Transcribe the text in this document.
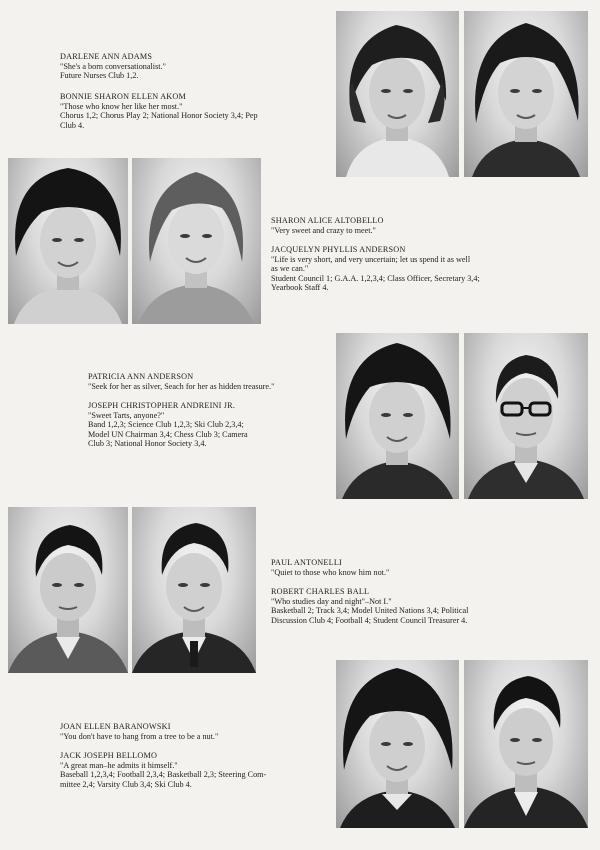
DARLENE ANN ADAMS

"She's a born conversationalist."

Future Nurses Club 1,2.

BONNIE SHARON ELLEN AKOM

"Those who know her like her most."

Chorus 1,2; Chorus Play 2; National Honor Society 3,4; Pep

Club 4.

SHARON ALICE ALTOBELLO

"Very sweet and crazy to meet."

JACQUELYN PHYLLIS ANDERSON

"Life is very short, and very uncertain; let us spend it as well

as we can."

Student Council 1; G.A.A. 1,2,3,4; Class Officer, Secretary 3,4;

Yearbook Staff 4.

PATRICIA ANN ANDERSON

"Seek for her as silver, Seach for her as hidden treasure."

JOSEPH CHRISTOPHER ANDREINI JR.

"Sweet Tarts, anyone?"

Band 1,2,3; Science Club 1,2,3; Ski Club 2,3,4;

Model UN Chairman 3,4; Chess Club 3; Camera

Club 3; National Honor Society 3,4.

PAUL ANTONELLI

"Quiet to those who know him not."

ROBERT CHARLES BALL

"Who studies day and night"–Not I."

Basketball 2; Track 3,4; Model United Nations 3,4; Political

Discussion Club 4; Football 4; Student Council Treasurer 4.

JOAN ELLEN BARANOWSKI

"You don't have to hang from a tree to be a nut."

JACK JOSEPH BELLOMO

"A great man–he admits it himself."

Baseball 1,2,3,4; Football 2,3,4; Basketball 2,3; Steering Com-

mittee 2,4; Varsity Club 3,4; Ski Club 4.
